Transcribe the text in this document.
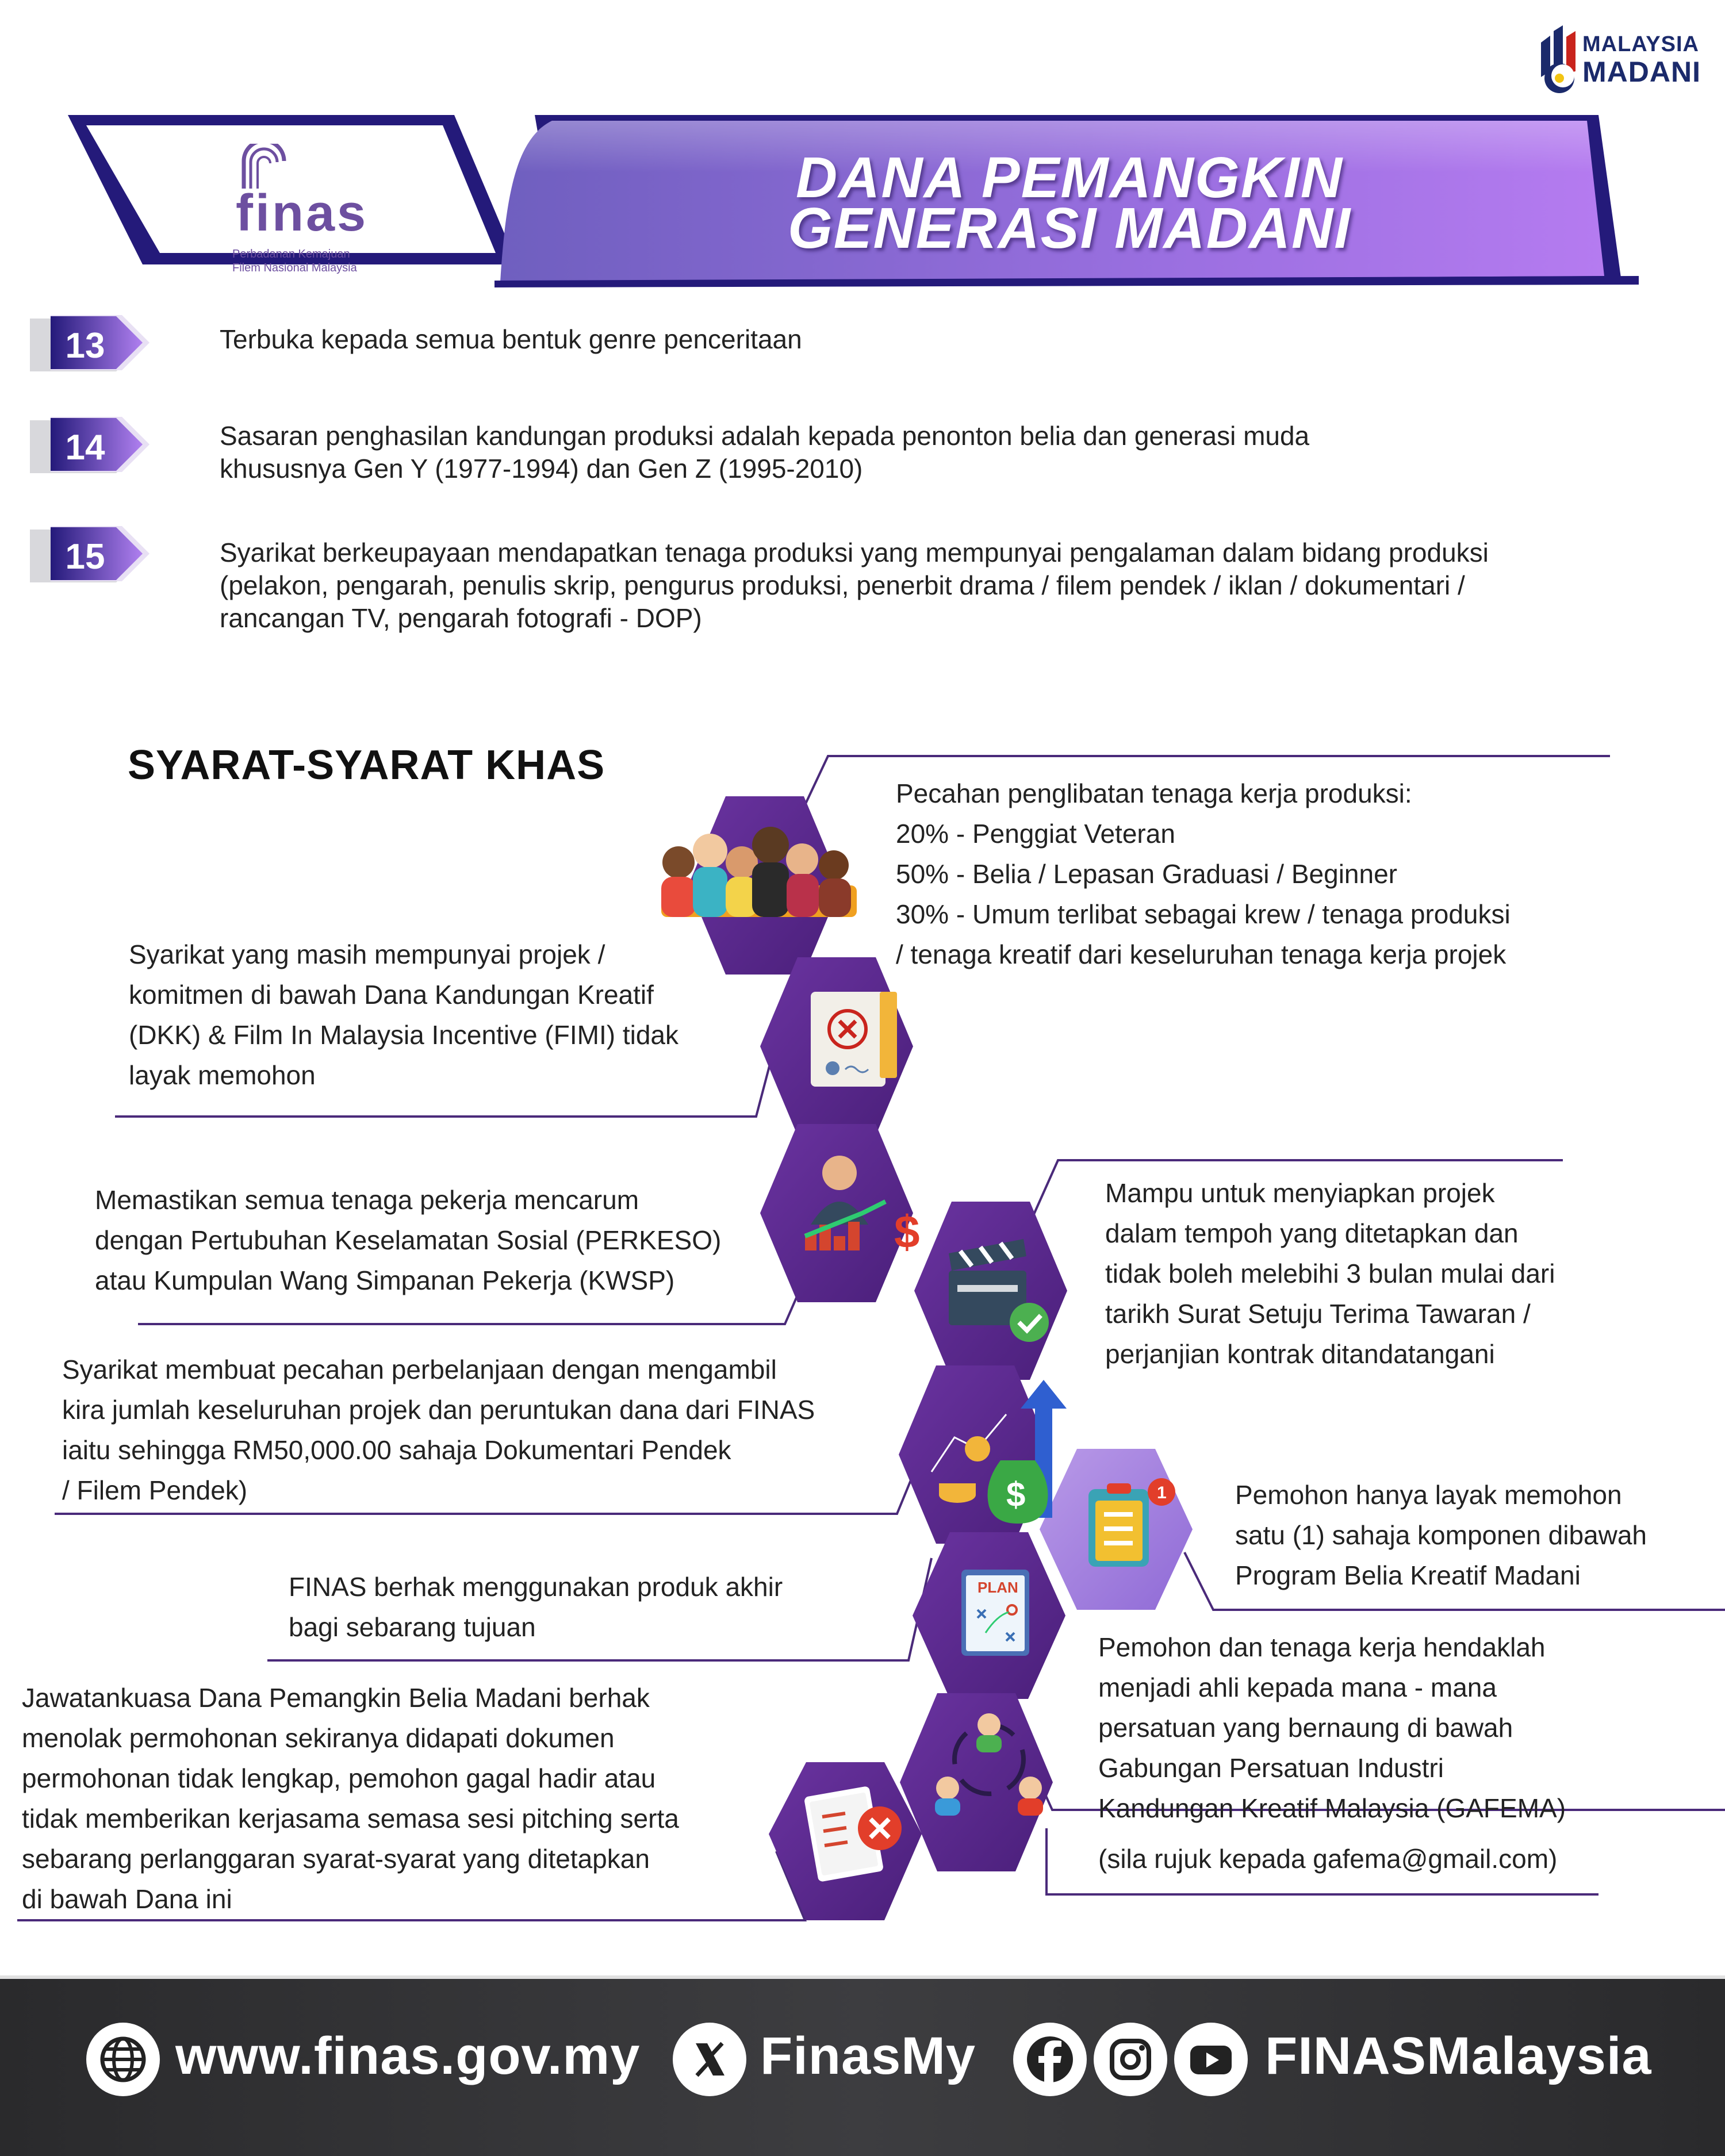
MALAYSIA
MADANI
finas
Perbadanan Kemajuan
Filem Nasional Malaysia
DANA PEMANGKIN
GENERASI MADANI
13	Terbuka kepada semua bentuk genre penceritaan
14	Sasaran penghasilan kandungan produksi adalah kepada penonton belia dan generasi muda
khususnya Gen Y (1977-1994) dan Gen Z (1995-2010)
15	Syarikat berkeupayaan mendapatkan tenaga produksi yang mempunyai pengalaman dalam bidang produksi
(pelakon, pengarah, penulis skrip, pengurus produksi, penerbit drama / filem pendek / iklan / dokumentari /
rancangan TV, pengarah fotografi - DOP)
SYARAT-SYARAT KHAS
$
$	1
PLAN
Pecahan penglibatan tenaga kerja produksi:
20% - Penggiat Veteran
50% - Belia / Lepasan Graduasi / Beginner
30% - Umum terlibat sebagai krew / tenaga produksi
/ tenaga kreatif dari keseluruhan tenaga kerja projek
Syarikat yang masih mempunyai projek /
komitmen di bawah Dana Kandungan Kreatif
(DKK) & Film In Malaysia Incentive (FIMI) tidak
layak memohon
Memastikan semua tenaga pekerja mencarum
dengan Pertubuhan Keselamatan Sosial (PERKESO)
atau Kumpulan Wang Simpanan Pekerja (KWSP)
Mampu untuk menyiapkan projek
dalam tempoh yang ditetapkan dan
tidak boleh melebihi 3 bulan mulai dari
tarikh Surat Setuju Terima Tawaran /
perjanjian kontrak ditandatangani
Syarikat membuat pecahan perbelanjaan dengan mengambil
kira jumlah keseluruhan projek dan peruntukan dana dari FINAS
iaitu sehingga RM50,000.00 sahaja Dokumentari Pendek
/ Filem Pendek)	Pemohon hanya layak memohon
satu (1) sahaja komponen dibawah
Program Belia Kreatif Madani
FINAS berhak menggunakan produk akhir
bagi sebarang tujuan
Pemohon dan tenaga kerja hendaklah
menjadi ahli kepada mana - mana
persatuan yang bernaung di bawah
Gabungan Persatuan Industri
Kandungan Kreatif Malaysia (GAFEMA)
(sila rujuk kepada gafema@gmail.com)
Jawatankuasa Dana Pemangkin Belia Madani berhak
menolak permohonan sekiranya didapati dokumen
permohonan tidak lengkap, pemohon gagal hadir atau
tidak memberikan kerjasama semasa sesi pitching serta
sebarang perlanggaran syarat-syarat yang ditetapkan
di bawah Dana ini
www.finas.gov.my FinasMy	FINASMalaysia
